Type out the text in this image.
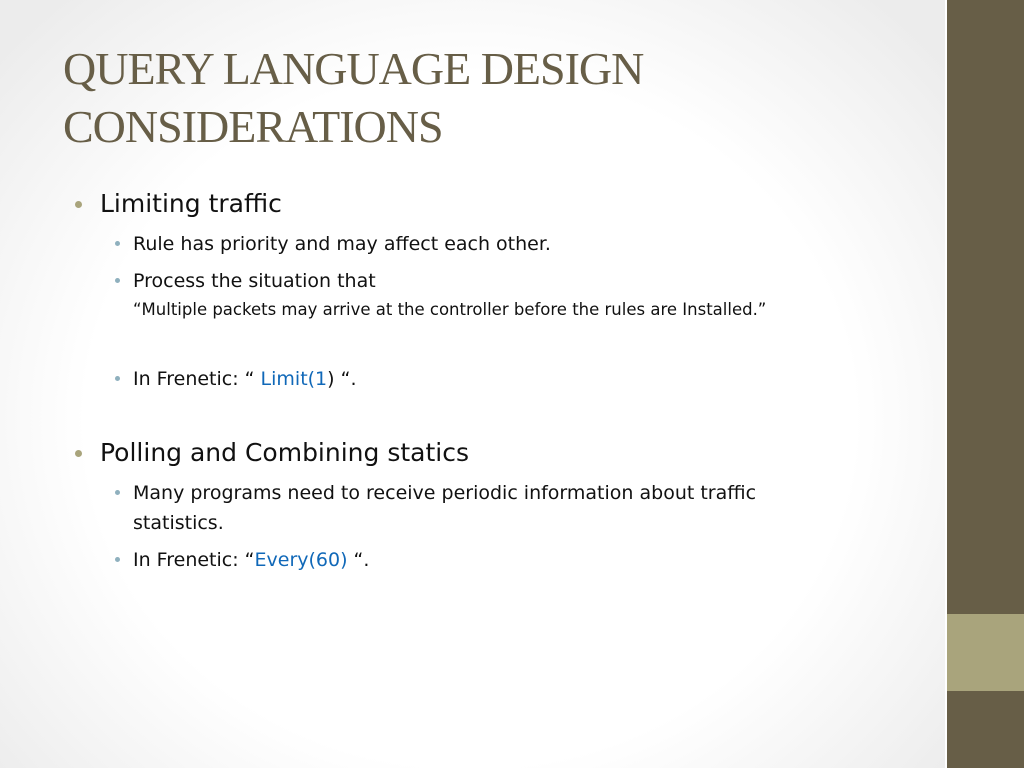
QUERY LANGUAGE DESIGN
CONSIDERATIONS
Limiting traffic
Rule has priority and may affect each other.
Process the situation that
“Multiple packets may arrive at the controller before the rules are Installed.”
In Frenetic: “ Limit(1) “.
Polling and Combining statics
Many programs need to receive periodic information about traffic
statistics.
In Frenetic: “Every(60) “.
